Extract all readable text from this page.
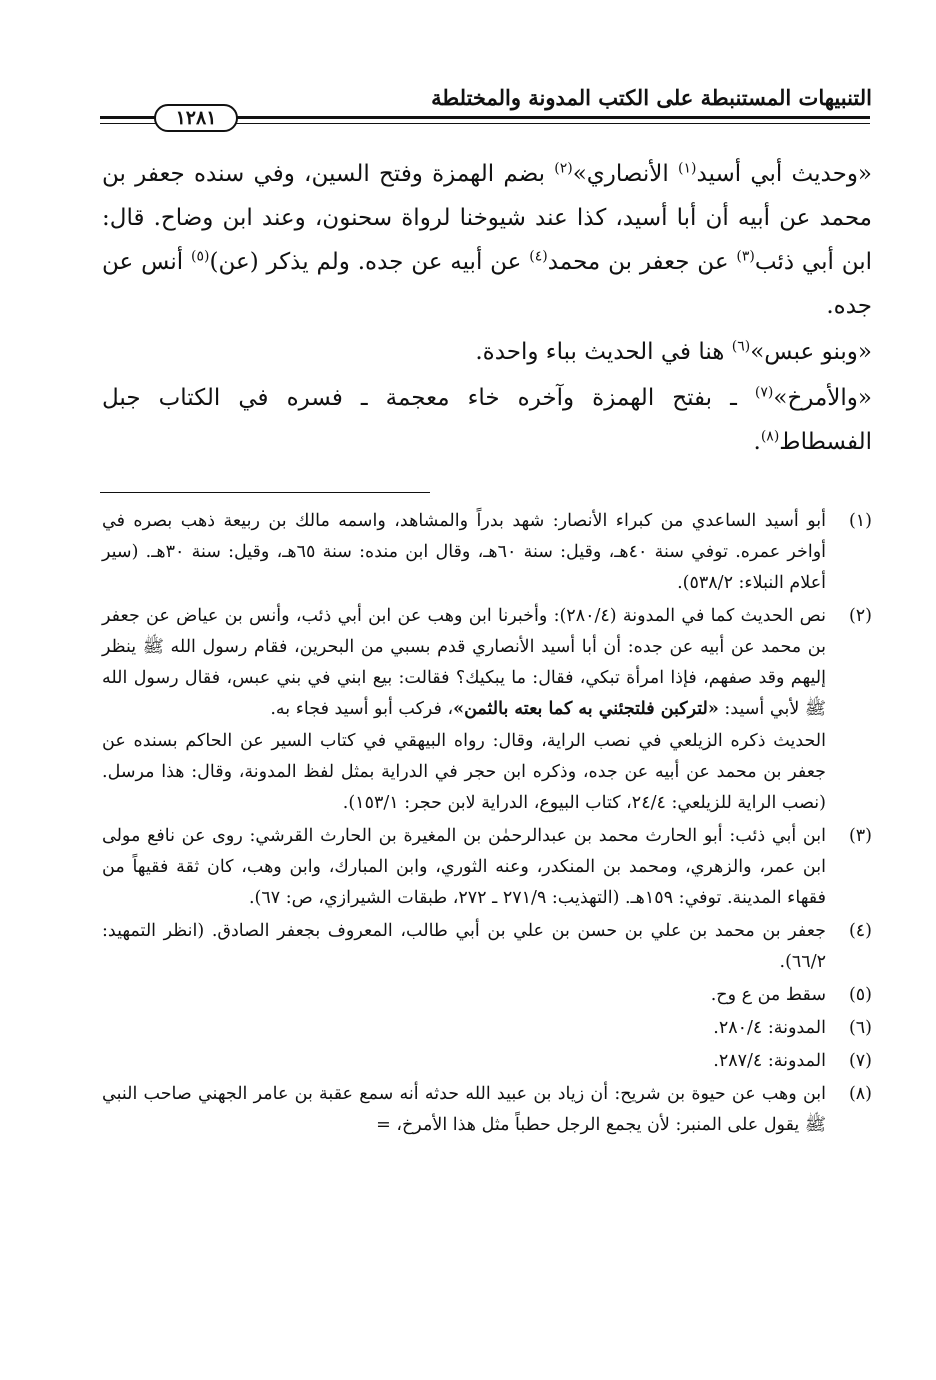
التنبيهات المستنبطة على الكتب المدونة والمختلطة
١٢٨١

«وحديث أبي أسيد$^{(١)}$ الأنصاري»$^{(٢)}$ بضم الهمزة وفتح السين، وفي سنده جعفر بن محمد عن أبيه أن أبا أسيد، كذا عند شيوخنا لرواة سحنون، وعند ابن وضاح. قال: ابن أبي ذئب$^{(٣)}$ عن جعفر بن محمد$^{(٤)}$ عن أبيه عن جده. ولم يذكر (عن)$^{(٥)}$ أنس عن جده.

«وبنو عبس»$^{(٦)}$ هنا في الحديث بباء واحدة.

«والأمرخ»$^{(٧)}$ ـ بفتح الهمزة وآخره خاء معجمة ـ فسره في الكتاب جبل الفسطاط$^{(٨)}$.

(١)

أبو أسيد الساعدي من كبراء الأنصار: شهد بدراً والمشاهد، واسمه مالك بن ربيعة ذهب بصره في أواخر عمره. توفي سنة ٤٠هـ، وقيل: سنة ٦٠هـ، وقال ابن منده: سنة ٦٥هـ، وقيل: سنة ٣٠هـ. (سير أعلام النبلاء: ٥٣٨/٢).

(٢)

نص الحديث كما في المدونة (٢٨٠/٤): وأخبرنا ابن وهب عن ابن أبي ذئب، وأنس بن عياض عن جعفر بن محمد عن أبيه عن جده: أن أبا أسيد الأنصاري قدم بسبي من البحرين، فقام رسول الله ﷺ ينظر إليهم وقد صفهم، فإذا امرأة تبكي، فقال: ما يبكيك؟ فقالت: بيع ابني في بني عبس، فقال رسول الله ﷺ لأبي أسيد: «لتركبن فلتجئني به كما بعته بالثمن»، فركب أبو أسيد فجاء به.

الحديث ذكره الزيلعي في نصب الراية، وقال: رواه البيهقي في كتاب السير عن الحاكم بسنده عن جعفر بن محمد عن أبيه عن جده، وذكره ابن حجر في الدراية بمثل لفظ المدونة، وقال: هذا مرسل. (نصب الراية للزيلعي: ٢٤/٤، كتاب البيوع، الدراية لابن حجر: ١٥٣/١).

(٣)

ابن أبي ذئب: أبو الحارث محمد بن عبدالرحمٰن بن المغيرة بن الحارث القرشي: روى عن نافع مولى ابن عمر، والزهري، ومحمد بن المنكدر، وعنه الثوري، وابن المبارك، وابن وهب، كان ثقة فقيهاً من فقهاء المدينة. توفي: ١٥٩هـ. (التهذيب: ٢٧١/٩ ـ ٢٧٢، طبقات الشيرازي، ص: ٦٧).

(٤)

جعفر بن محمد بن علي بن حسن بن علي بن أبي طالب، المعروف بجعفر الصادق. (انظر التمهيد: ٦٦/٢).

(٥)

سقط من ع وح.

(٦)

المدونة: ٢٨٠/٤.

(٧)

المدونة: ٢٨٧/٤.

(٨)

ابن وهب عن حيوة بن شريح: أن زياد بن عبيد الله حدثه أنه سمع عقبة بن عامر الجهني صاحب النبي ﷺ يقول على المنبر: لأن يجمع الرجل حطباً مثل هذا الأمرخ، =
